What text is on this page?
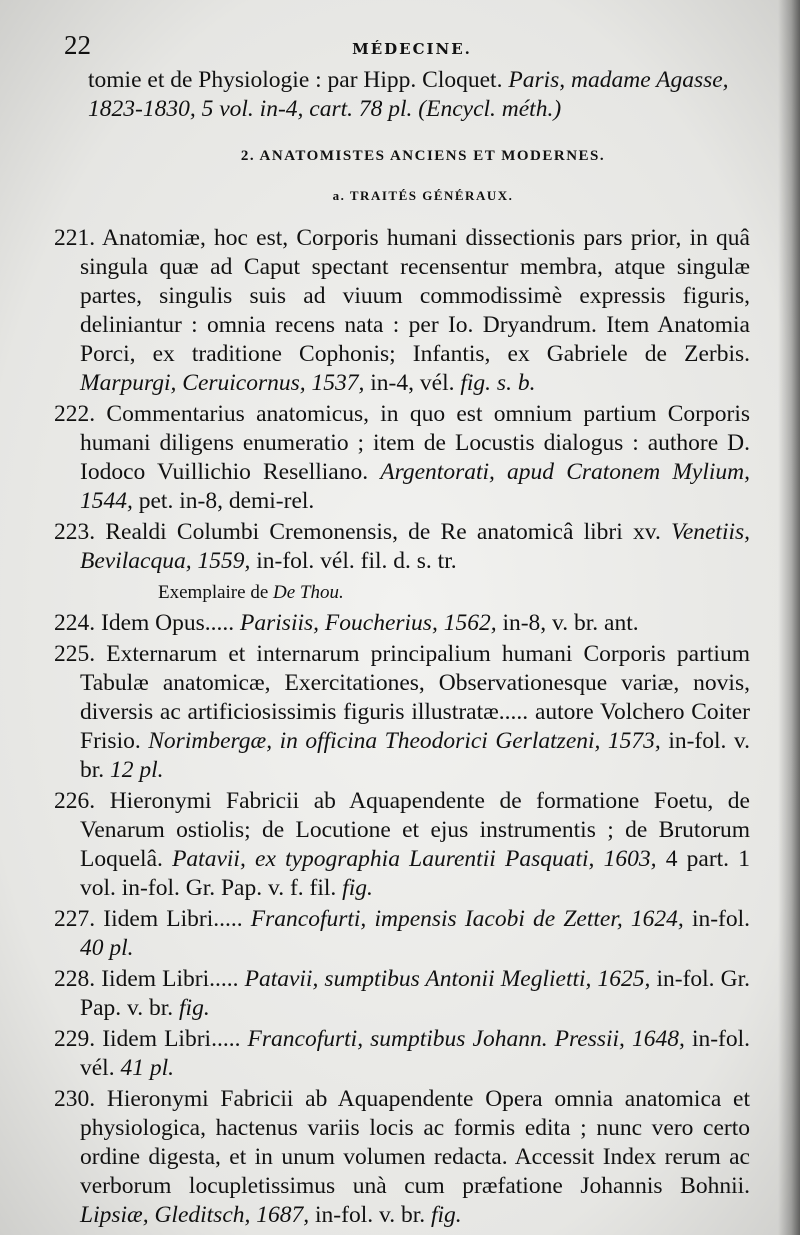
22	MÉDECINE.

tomie et de Physiologie : par Hipp. Cloquet. Paris, madame Agasse, 1823-1830, 5 vol. in-4, cart. 78 pl. (Encycl. méth.)

2. ANATOMISTES ANCIENS ET MODERNES.
a. TRAITÉS GÉNÉRAUX.

221. Anatomiæ, hoc est, Corporis humani dissectionis pars prior, in quâ singula quæ ad Caput spectant recensentur membra, atque singulæ partes, singulis suis ad viuum commodissimè expressis figuris, deliniantur : omnia recens nata : per Io. Dryandrum. Item Anatomia Porci, ex traditione Cophonis; Infantis, ex Gabriele de Zerbis. Marpurgi, Ceruicornus, 1537, in-4, vél. fig. s. b.

222. Commentarius anatomicus, in quo est omnium partium Corporis humani diligens enumeratio ; item de Locustis dialogus : authore D. Iodoco Vuillichio Reselliano. Argentorati, apud Cratonem Mylium, 1544, pet. in-8, demi-rel.

223. Realdi Columbi Cremonensis, de Re anatomicâ libri xv. Venetiis, Bevilacqua, 1559, in-fol. vél. fil. d. s. tr.

Exemplaire de De Thou.

224. Idem Opus..... Parisiis, Foucherius, 1562, in-8, v. br. ant.

225. Externarum et internarum principalium humani Corporis partium Tabulæ anatomicæ, Exercitationes, Observationesque variæ, novis, diversis ac artificiosissimis figuris illustratæ..... autore Volchero Coiter Frisio. Norimbergæ, in officina Theodorici Gerlatzeni, 1573, in-fol. v. br. 12 pl.

226. Hieronymi Fabricii ab Aquapendente de formatione Foetu, de Venarum ostiolis; de Locutione et ejus instrumentis ; de Brutorum Loquelâ. Patavii, ex typographia Laurentii Pasquati, 1603, 4 part. 1 vol. in-fol. Gr. Pap. v. f. fil. fig.

227. Iidem Libri..... Francofurti, impensis Iacobi de Zetter, 1624, in-fol. 40 pl.

228. Iidem Libri..... Patavii, sumptibus Antonii Meglietti, 1625, in-fol. Gr. Pap. v. br. fig.

229. Iidem Libri..... Francofurti, sumptibus Johann. Pressii, 1648, in-fol. vél. 41 pl.

230. Hieronymi Fabricii ab Aquapendente Opera omnia anatomica et physiologica, hactenus variis locis ac formis edita ; nunc vero certo ordine digesta, et in unum volumen redacta. Accessit Index rerum ac verborum locupletissimus unà cum præfatione Johannis Bohnii. Lipsiæ, Gleditsch, 1687, in-fol. v. br. fig.
